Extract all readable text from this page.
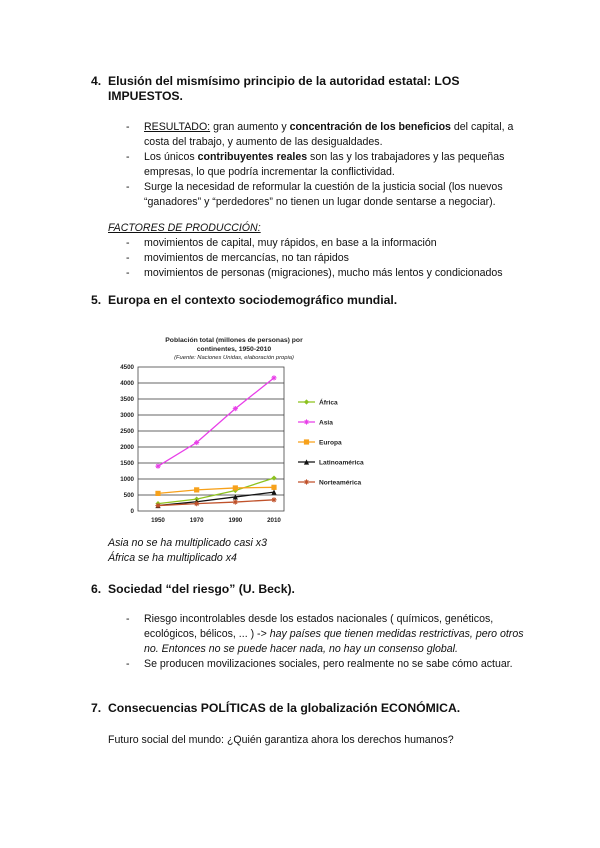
4. Elusión del mismísimo principio de la autoridad estatal: LOS IMPUESTOS.
- RESULTADO: gran aumento y concentración de los beneficios del capital, a costa del trabajo, y aumento de las desigualdades.
- Los únicos contribuyentes reales son las y los trabajadores y las pequeñas empresas, lo que podría incrementar la conflictividad.
- Surge la necesidad de reformular la cuestión de la justicia social (los nuevos “ganadores” y “perdedores” no tienen un lugar donde sentarse a negociar).
FACTORES DE PRODUCCIÓN:
- movimientos de capital, muy rápidos, en base a la información
- movimientos de mercancías, no tan rápidos
- movimientos de personas (migraciones), mucho más lentos y condicionados
5. Europa en el contexto sociodemográfico mundial.
Población total (millones de personas) por
continentes, 1950-2010
(Fuente: Naciones Unidas, elaboración propia)
0
500
1000
1500
2000
2500
3000
3500
4000
4500
1950	1970	1990	2010
África
Asia
Europa
Latinoamérica
Norteamérica
Asia no se ha multiplicado casi x3
África se ha multiplicado x4
6. Sociedad “del riesgo” (U. Beck).
- Riesgo incontrolables desde los estados nacionales ( químicos, genéticos, ecológicos, bélicos, ... ) -> hay países que tienen medidas restrictivas, pero otros no. Entonces no se puede hacer nada, no hay un consenso global.
- Se producen movilizaciones sociales, pero realmente no se sabe cómo actuar.
7. Consecuencias POLÍTICAS de la globalización ECONÓMICA.
Futuro social del mundo: ¿Quién garantiza ahora los derechos humanos?
